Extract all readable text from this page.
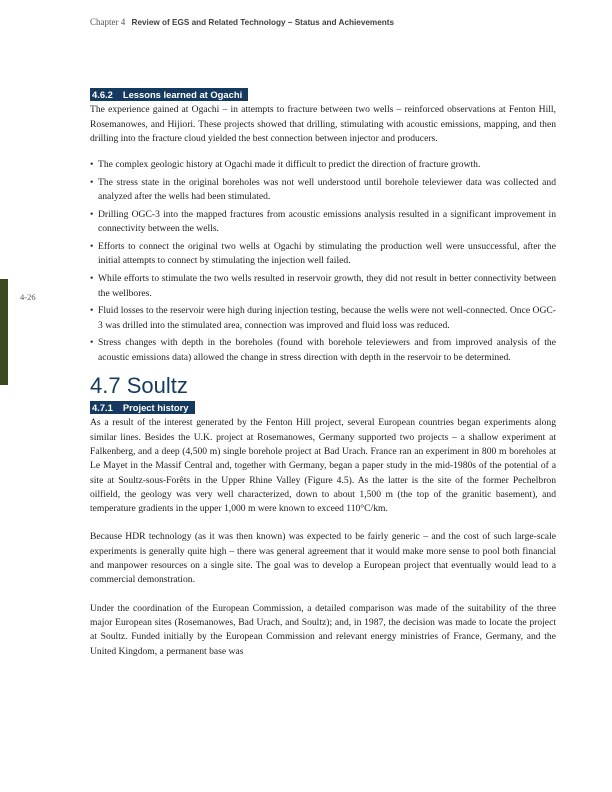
Chapter 4 Review of EGS and Related Technology – Status and Achievements
4-26
4.6.2 Lessons learned at Ogachi

The experience gained at Ogachi – in attempts to fracture between two wells – reinforced observations at Fenton Hill, Rosemanowes, and Hijiori. These projects showed that drilling, stimulating with acoustic emissions, mapping, and then drilling into the fracture cloud yielded the best connection between injector and producers.

• The complex geologic history at Ogachi made it difficult to predict the direction of fracture growth.
• The stress state in the original boreholes was not well understood until borehole televiewer data was collected and analyzed after the wells had been stimulated.
• Drilling OGC-3 into the mapped fractures from acoustic emissions analysis resulted in a significant improvement in connectivity between the wells.
• Efforts to connect the original two wells at Ogachi by stimulating the production well were unsuccessful, after the initial attempts to connect by stimulating the injection well failed.
• While efforts to stimulate the two wells resulted in reservoir growth, they did not result in better connectivity between the wellbores.
• Fluid losses to the reservoir were high during injection testing, because the wells were not well-connected. Once OGC-3 was drilled into the stimulated area, connection was improved and fluid loss was reduced.
• Stress changes with depth in the boreholes (found with borehole televiewers and from improved analysis of the acoustic emissions data) allowed the change in stress direction with depth in the reservoir to be determined.
4.7 Soultz
4.7.1 Project history

As a result of the interest generated by the Fenton Hill project, several European countries began experiments along similar lines. Besides the U.K. project at Rosemanowes, Germany supported two projects – a shallow experiment at Falkenberg, and a deep (4,500 m) single borehole project at Bad Urach. France ran an experiment in 800 m boreholes at Le Mayet in the Massif Central and, together with Germany, began a paper study in the mid-1980s of the potential of a site at Soultz-sous-Forêts in the Upper Rhine Valley (Figure 4.5). As the latter is the site of the former Pechelbron oilfield, the geology was very well characterized, down to about 1,500 m (the top of the granitic basement), and temperature gradients in the upper 1,000 m were known to exceed 110°C/km.

Because HDR technology (as it was then known) was expected to be fairly generic – and the cost of such large-scale experiments is generally quite high – there was general agreement that it would make more sense to pool both financial and manpower resources on a single site. The goal was to develop a European project that eventually would lead to a commercial demonstration.

Under the coordination of the European Commission, a detailed comparison was made of the suitability of the three major European sites (Rosemanowes, Bad Urach, and Soultz); and, in 1987, the decision was made to locate the project at Soultz. Funded initially by the European Commission and relevant energy ministries of France, Germany, and the United Kingdom, a permanent base was
